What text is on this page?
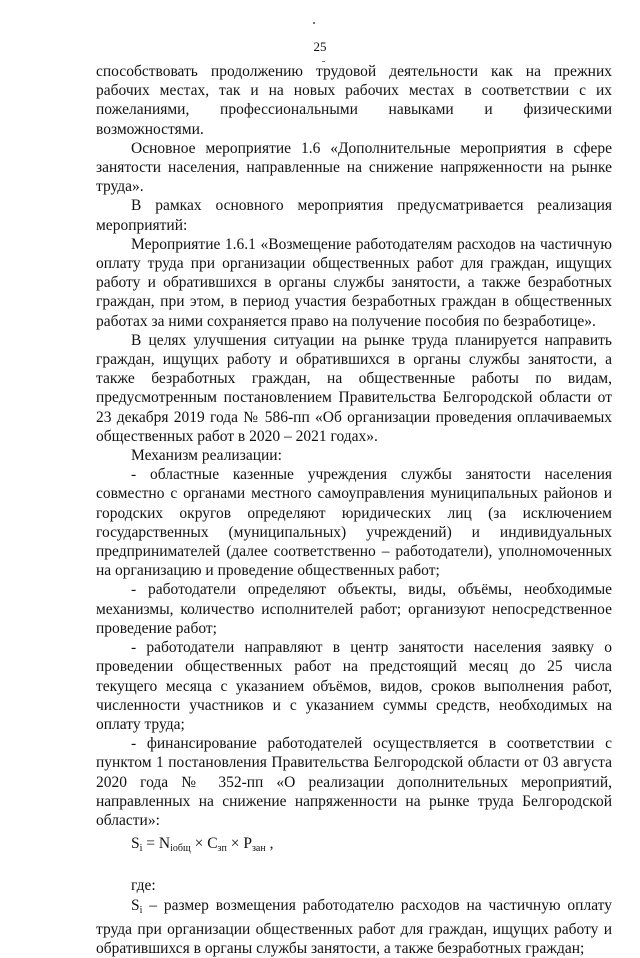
25

способствовать продолжению трудовой деятельности как на прежних рабочих местах, так и на новых рабочих местах в соответствии с их пожеланиями, профессиональными навыками и физическими возможностями.

Основное мероприятие 1.6 «Дополнительные мероприятия в сфере занятости населения, направленные на снижение напряженности на рынке труда».

В рамках основного мероприятия предусматривается реализация мероприятий:

Мероприятие 1.6.1 «Возмещение работодателям расходов на частичную оплату труда при организации общественных работ для граждан, ищущих работу и обратившихся в органы службы занятости, а также безработных граждан, при этом, в период участия безработных граждан в общественных работах за ними сохраняется право на получение пособия по безработице».

В целях улучшения ситуации на рынке труда планируется направить граждан, ищущих работу и обратившихся в органы службы занятости, а также безработных граждан, на общественные работы по видам, предусмотренным постановлением Правительства Белгородской области от 23 декабря 2019 года № 586-пп «Об организации проведения оплачиваемых общественных работ в 2020 – 2021 годах».

Механизм реализации:

- областные казенные учреждения службы занятости населения совместно с органами местного самоуправления муниципальных районов и городских округов определяют юридических лиц (за исключением государственных (муниципальных) учреждений) и индивидуальных предпринимателей (далее соответственно – работодатели), уполномоченных на организацию и проведение общественных работ;

- работодатели определяют объекты, виды, объёмы, необходимые механизмы, количество исполнителей работ; организуют непосредственное проведение работ;

- работодатели направляют в центр занятости населения заявку о проведении общественных работ на предстоящий месяц до 25 числа текущего месяца с указанием объёмов, видов, сроков выполнения работ, численности участников и с указанием суммы средств, необходимых на оплату труда;

- финансирование работодателей осуществляется в соответствии с пунктом 1 постановления Правительства Белгородской области от 03 августа 2020 года № 352-пп «О реализации дополнительных мероприятий, направленных на снижение напряженности на рынке труда Белгородской области»:

$S_i = N_{iобщ} \times C_{зп} \times P_{зан}$ ,

где:

$S_i$ – размер возмещения работодателю расходов на частичную оплату труда при организации общественных работ для граждан, ищущих работу и обратившихся в органы службы занятости, а также безработных граждан;
